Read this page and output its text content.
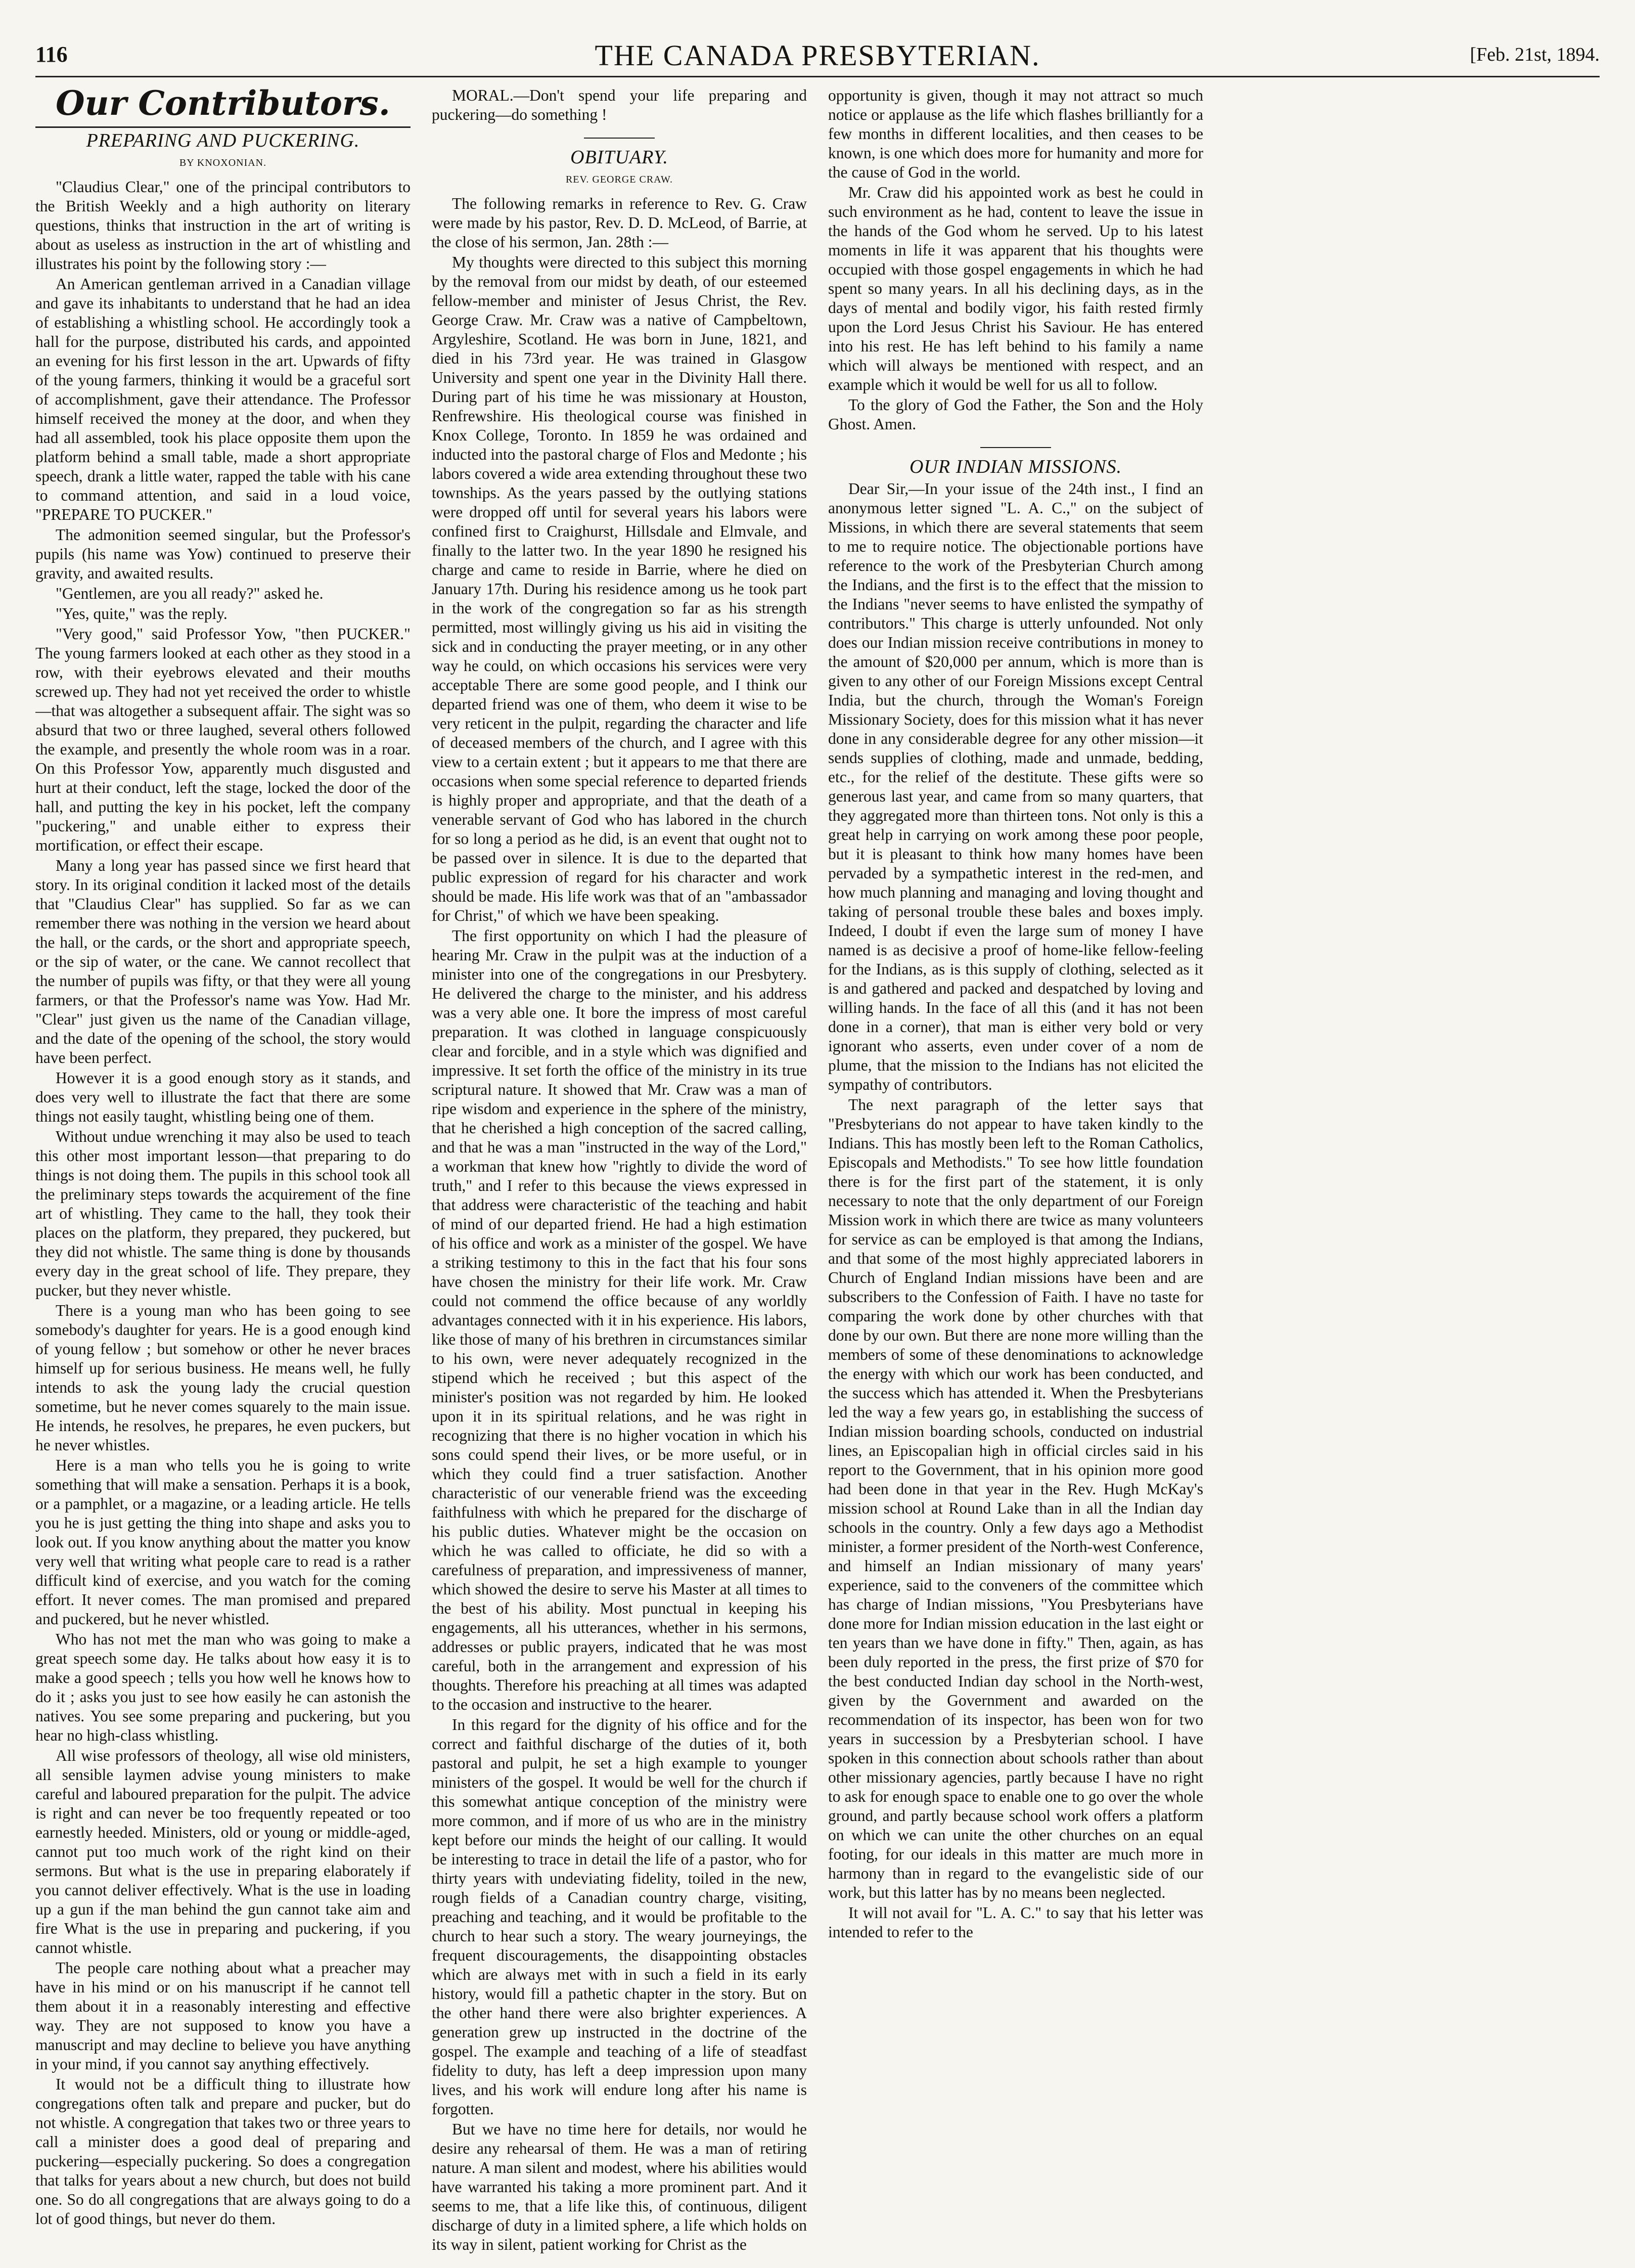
116	THE CANADA PRESBYTERIAN.	[Feb. 21st, 1894.
Our Contributors.
PREPARING AND PUCKERING.
BY KNOXONIAN.

"Claudius Clear," one of the principal contributors to the British Weekly and a high authority on literary questions, thinks that instruction in the art of writing is about as useless as instruction in the art of whistling and illustrates his point by the following story :—

An American gentleman arrived in a Canadian village and gave its inhabitants to understand that he had an idea of establishing a whistling school. He accordingly took a hall for the purpose, distributed his cards, and appointed an evening for his first lesson in the art. Upwards of fifty of the young farmers, thinking it would be a graceful sort of accomplishment, gave their attendance. The Professor himself received the money at the door, and when they had all assembled, took his place opposite them upon the platform behind a small table, made a short appropriate speech, drank a little water, rapped the table with his cane to command attention, and said in a loud voice, "PREPARE TO PUCKER."

The admonition seemed singular, but the Professor's pupils (his name was Yow) continued to preserve their gravity, and awaited results.

"Gentlemen, are you all ready?" asked he.

"Yes, quite," was the reply.

"Very good," said Professor Yow, "then PUCKER." The young farmers looked at each other as they stood in a row, with their eyebrows elevated and their mouths screwed up. They had not yet received the order to whistle—that was altogether a subsequent affair. The sight was so absurd that two or three laughed, several others followed the example, and presently the whole room was in a roar. On this Professor Yow, apparently much disgusted and hurt at their conduct, left the stage, locked the door of the hall, and putting the key in his pocket, left the company "puckering," and unable either to express their mortification, or effect their escape.

Many a long year has passed since we first heard that story. In its original condition it lacked most of the details that "Claudius Clear" has supplied. So far as we can remember there was nothing in the version we heard about the hall, or the cards, or the short and appropriate speech, or the sip of water, or the cane. We cannot recollect that the number of pupils was fifty, or that they were all young farmers, or that the Professor's name was Yow. Had Mr. "Clear" just given us the name of the Canadian village, and the date of the opening of the school, the story would have been perfect.

However it is a good enough story as it stands, and does very well to illustrate the fact that there are some things not easily taught, whistling being one of them.

Without undue wrenching it may also be used to teach this other most important lesson—that preparing to do things is not doing them. The pupils in this school took all the preliminary steps towards the acquirement of the fine art of whistling. They came to the hall, they took their places on the platform, they prepared, they puckered, but they did not whistle. The same thing is done by thousands every day in the great school of life. They prepare, they pucker, but they never whistle.

There is a young man who has been going to see somebody's daughter for years. He is a good enough kind of young fellow ; but somehow or other he never braces himself up for serious business. He means well, he fully intends to ask the young lady the crucial question sometime, but he never comes squarely to the main issue. He intends, he resolves, he prepares, he even puckers, but he never whistles.

Here is a man who tells you he is going to write something that will make a sensation. Perhaps it is a book, or a pamphlet, or a magazine, or a leading article. He tells you he is just getting the thing into shape and asks you to look out. If you know anything about the matter you know very well that writing what people care to read is a rather difficult kind of exercise, and you watch for the coming effort. It never comes. The man promised and prepared and puckered, but he never whistled.

Who has not met the man who was going to make a great speech some day. He talks about how easy it is to make a good speech ; tells you how well he knows how to do it ; asks you just to see how easily he can astonish the natives. You see some preparing and puckering, but you hear no high-class whistling.

All wise professors of theology, all wise old ministers, all sensible laymen advise young ministers to make careful and laboured preparation for the pulpit. The advice is right and can never be too frequently repeated or too earnestly heeded. Ministers, old or young or middle-aged, cannot put too much work of the right kind on their sermons. But what is the use in preparing elaborately if you cannot deliver effectively. What is the use in loading up a gun if the man behind the gun cannot take aim and fire What is the use in preparing and puckering, if you cannot whistle.

The people care nothing about what a preacher may have in his mind or on his manuscript if he cannot tell them about it in a reasonably interesting and effective way. They are not supposed to know you have a manuscript and may decline to believe you have anything in your mind, if you cannot say anything effectively.

It would not be a difficult thing to illustrate how congregations often talk and prepare and pucker, but do not whistle. A congregation that takes two or three years to call a minister does a good deal of preparing and puckering—especially puckering. So does a congregation that talks for years about a new church, but does not build one. So do all congregations that are always going to do a lot of good things, but never do them.

MORAL.—Don't spend your life preparing and puckering—do something !

OBITUARY.
REV. GEORGE CRAW.

The following remarks in reference to Rev. G. Craw were made by his pastor, Rev. D. D. McLeod, of Barrie, at the close of his sermon, Jan. 28th :—

My thoughts were directed to this subject this morning by the removal from our midst by death, of our esteemed fellow-member and minister of Jesus Christ, the Rev. George Craw. Mr. Craw was a native of Campbeltown, Argyleshire, Scotland. He was born in June, 1821, and died in his 73rd year. He was trained in Glasgow University and spent one year in the Divinity Hall there. During part of his time he was missionary at Houston, Renfrewshire. His theological course was finished in Knox College, Toronto. In 1859 he was ordained and inducted into the pastoral charge of Flos and Medonte ; his labors covered a wide area extending throughout these two townships. As the years passed by the outlying stations were dropped off until for several years his labors were confined first to Craighurst, Hillsdale and Elmvale, and finally to the latter two. In the year 1890 he resigned his charge and came to reside in Barrie, where he died on January 17th. During his residence among us he took part in the work of the congregation so far as his strength permitted, most willingly giving us his aid in visiting the sick and in conducting the prayer meeting, or in any other way he could, on which occasions his services were very acceptable There are some good people, and I think our departed friend was one of them, who deem it wise to be very reticent in the pulpit, regarding the character and life of deceased members of the church, and I agree with this view to a certain extent ; but it appears to me that there are occasions when some special reference to departed friends is highly proper and appropriate, and that the death of a venerable servant of God who has labored in the church for so long a period as he did, is an event that ought not to be passed over in silence. It is due to the departed that public expression of regard for his character and work should be made. His life work was that of an "ambassador for Christ," of which we have been speaking.

The first opportunity on which I had the pleasure of hearing Mr. Craw in the pulpit was at the induction of a minister into one of the congregations in our Presbytery. He delivered the charge to the minister, and his address was a very able one. It bore the impress of most careful preparation. It was clothed in language conspicuously clear and forcible, and in a style which was dignified and impressive. It set forth the office of the ministry in its true scriptural nature. It showed that Mr. Craw was a man of ripe wisdom and experience in the sphere of the ministry, that he cherished a high conception of the sacred calling, and that he was a man "instructed in the way of the Lord," a workman that knew how "rightly to divide the word of truth," and I refer to this because the views expressed in that address were characteristic of the teaching and habit of mind of our departed friend. He had a high estimation of his office and work as a minister of the gospel. We have a striking testimony to this in the fact that his four sons have chosen the ministry for their life work. Mr. Craw could not commend the office because of any worldly advantages connected with it in his experience. His labors, like those of many of his brethren in circumstances similar to his own, were never adequately recognized in the stipend which he received ; but this aspect of the minister's position was not regarded by him. He looked upon it in its spiritual relations, and he was right in recognizing that there is no higher vocation in which his sons could spend their lives, or be more useful, or in which they could find a truer satisfaction. Another characteristic of our venerable friend was the exceeding faithfulness with which he prepared for the discharge of his public duties. Whatever might be the occasion on which he was called to officiate, he did so with a carefulness of preparation, and impressiveness of manner, which showed the desire to serve his Master at all times to the best of his ability. Most punctual in keeping his engagements, all his utterances, whether in his sermons, addresses or public prayers, indicated that he was most careful, both in the arrangement and expression of his thoughts. Therefore his preaching at all times was adapted to the occasion and instructive to the hearer.

In this regard for the dignity of his office and for the correct and faithful discharge of the duties of it, both pastoral and pulpit, he set a high example to younger ministers of the gospel. It would be well for the church if this somewhat antique conception of the ministry were more common, and if more of us who are in the ministry kept before our minds the height of our calling. It would be interesting to trace in detail the life of a pastor, who for thirty years with undeviating fidelity, toiled in the new, rough fields of a Canadian country charge, visiting, preaching and teaching, and it would be profitable to the church to hear such a story. The weary journeyings, the frequent discouragements, the disappointing obstacles which are always met with in such a field in its early history, would fill a pathetic chapter in the story. But on the other hand there were also brighter experiences. A generation grew up instructed in the doctrine of the gospel. The example and teaching of a life of steadfast fidelity to duty, has left a deep impression upon many lives, and his work will endure long after his name is forgotten.

But we have no time here for details, nor would he desire any rehearsal of them. He was a man of retiring nature. A man silent and modest, where his abilities would have warranted his taking a more prominent part. And it seems to me, that a life like this, of continuous, diligent discharge of duty in a limited sphere, a life which holds on its way in silent, patient working for Christ as the

opportunity is given, though it may not attract so much notice or applause as the life which flashes brilliantly for a few months in different localities, and then ceases to be known, is one which does more for humanity and more for the cause of God in the world.

Mr. Craw did his appointed work as best he could in such environment as he had, content to leave the issue in the hands of the God whom he served. Up to his latest moments in life it was apparent that his thoughts were occupied with those gospel engagements in which he had spent so many years. In all his declining days, as in the days of mental and bodily vigor, his faith rested firmly upon the Lord Jesus Christ his Saviour. He has entered into his rest. He has left behind to his family a name which will always be mentioned with respect, and an example which it would be well for us all to follow.

To the glory of God the Father, the Son and the Holy Ghost. Amen.

OUR INDIAN MISSIONS.

Dear Sir,—In your issue of the 24th inst., I find an anonymous letter signed "L. A. C.," on the subject of Missions, in which there are several statements that seem to me to require notice. The objectionable portions have reference to the work of the Presbyterian Church among the Indians, and the first is to the effect that the mission to the Indians "never seems to have enlisted the sympathy of contributors." This charge is utterly unfounded. Not only does our Indian mission receive contributions in money to the amount of $20,000 per annum, which is more than is given to any other of our Foreign Missions except Central India, but the church, through the Woman's Foreign Missionary Society, does for this mission what it has never done in any considerable degree for any other mission—it sends supplies of clothing, made and unmade, bedding, etc., for the relief of the destitute. These gifts were so generous last year, and came from so many quarters, that they aggregated more than thirteen tons. Not only is this a great help in carrying on work among these poor people, but it is pleasant to think how many homes have been pervaded by a sympathetic interest in the red-men, and how much planning and managing and loving thought and taking of personal trouble these bales and boxes imply. Indeed, I doubt if even the large sum of money I have named is as decisive a proof of home-like fellow-feeling for the Indians, as is this supply of clothing, selected as it is and gathered and packed and despatched by loving and willing hands. In the face of all this (and it has not been done in a corner), that man is either very bold or very ignorant who asserts, even under cover of a nom de plume, that the mission to the Indians has not elicited the sympathy of contributors.

The next paragraph of the letter says that "Presbyterians do not appear to have taken kindly to the Indians. This has mostly been left to the Roman Catholics, Episcopals and Methodists." To see how little foundation there is for the first part of the statement, it is only necessary to note that the only department of our Foreign Mission work in which there are twice as many volunteers for service as can be employed is that among the Indians, and that some of the most highly appreciated laborers in Church of England Indian missions have been and are subscribers to the Confession of Faith. I have no taste for comparing the work done by other churches with that done by our own. But there are none more willing than the members of some of these denominations to acknowledge the energy with which our work has been conducted, and the success which has attended it. When the Presbyterians led the way a few years go, in establishing the success of Indian mission boarding schools, conducted on industrial lines, an Episcopalian high in official circles said in his report to the Government, that in his opinion more good had been done in that year in the Rev. Hugh McKay's mission school at Round Lake than in all the Indian day schools in the country. Only a few days ago a Methodist minister, a former president of the North-west Conference, and himself an Indian missionary of many years' experience, said to the conveners of the committee which has charge of Indian missions, "You Presbyterians have done more for Indian mission education in the last eight or ten years than we have done in fifty." Then, again, as has been duly reported in the press, the first prize of $70 for the best conducted Indian day school in the North-west, given by the Government and awarded on the recommendation of its inspector, has been won for two years in succession by a Presbyterian school. I have spoken in this connection about schools rather than about other missionary agencies, partly because I have no right to ask for enough space to enable one to go over the whole ground, and partly because school work offers a platform on which we can unite the other churches on an equal footing, for our ideals in this matter are much more in harmony than in regard to the evangelistic side of our work, but this latter has by no means been neglected.

It will not avail for "L. A. C." to say that his letter was intended to refer to the
